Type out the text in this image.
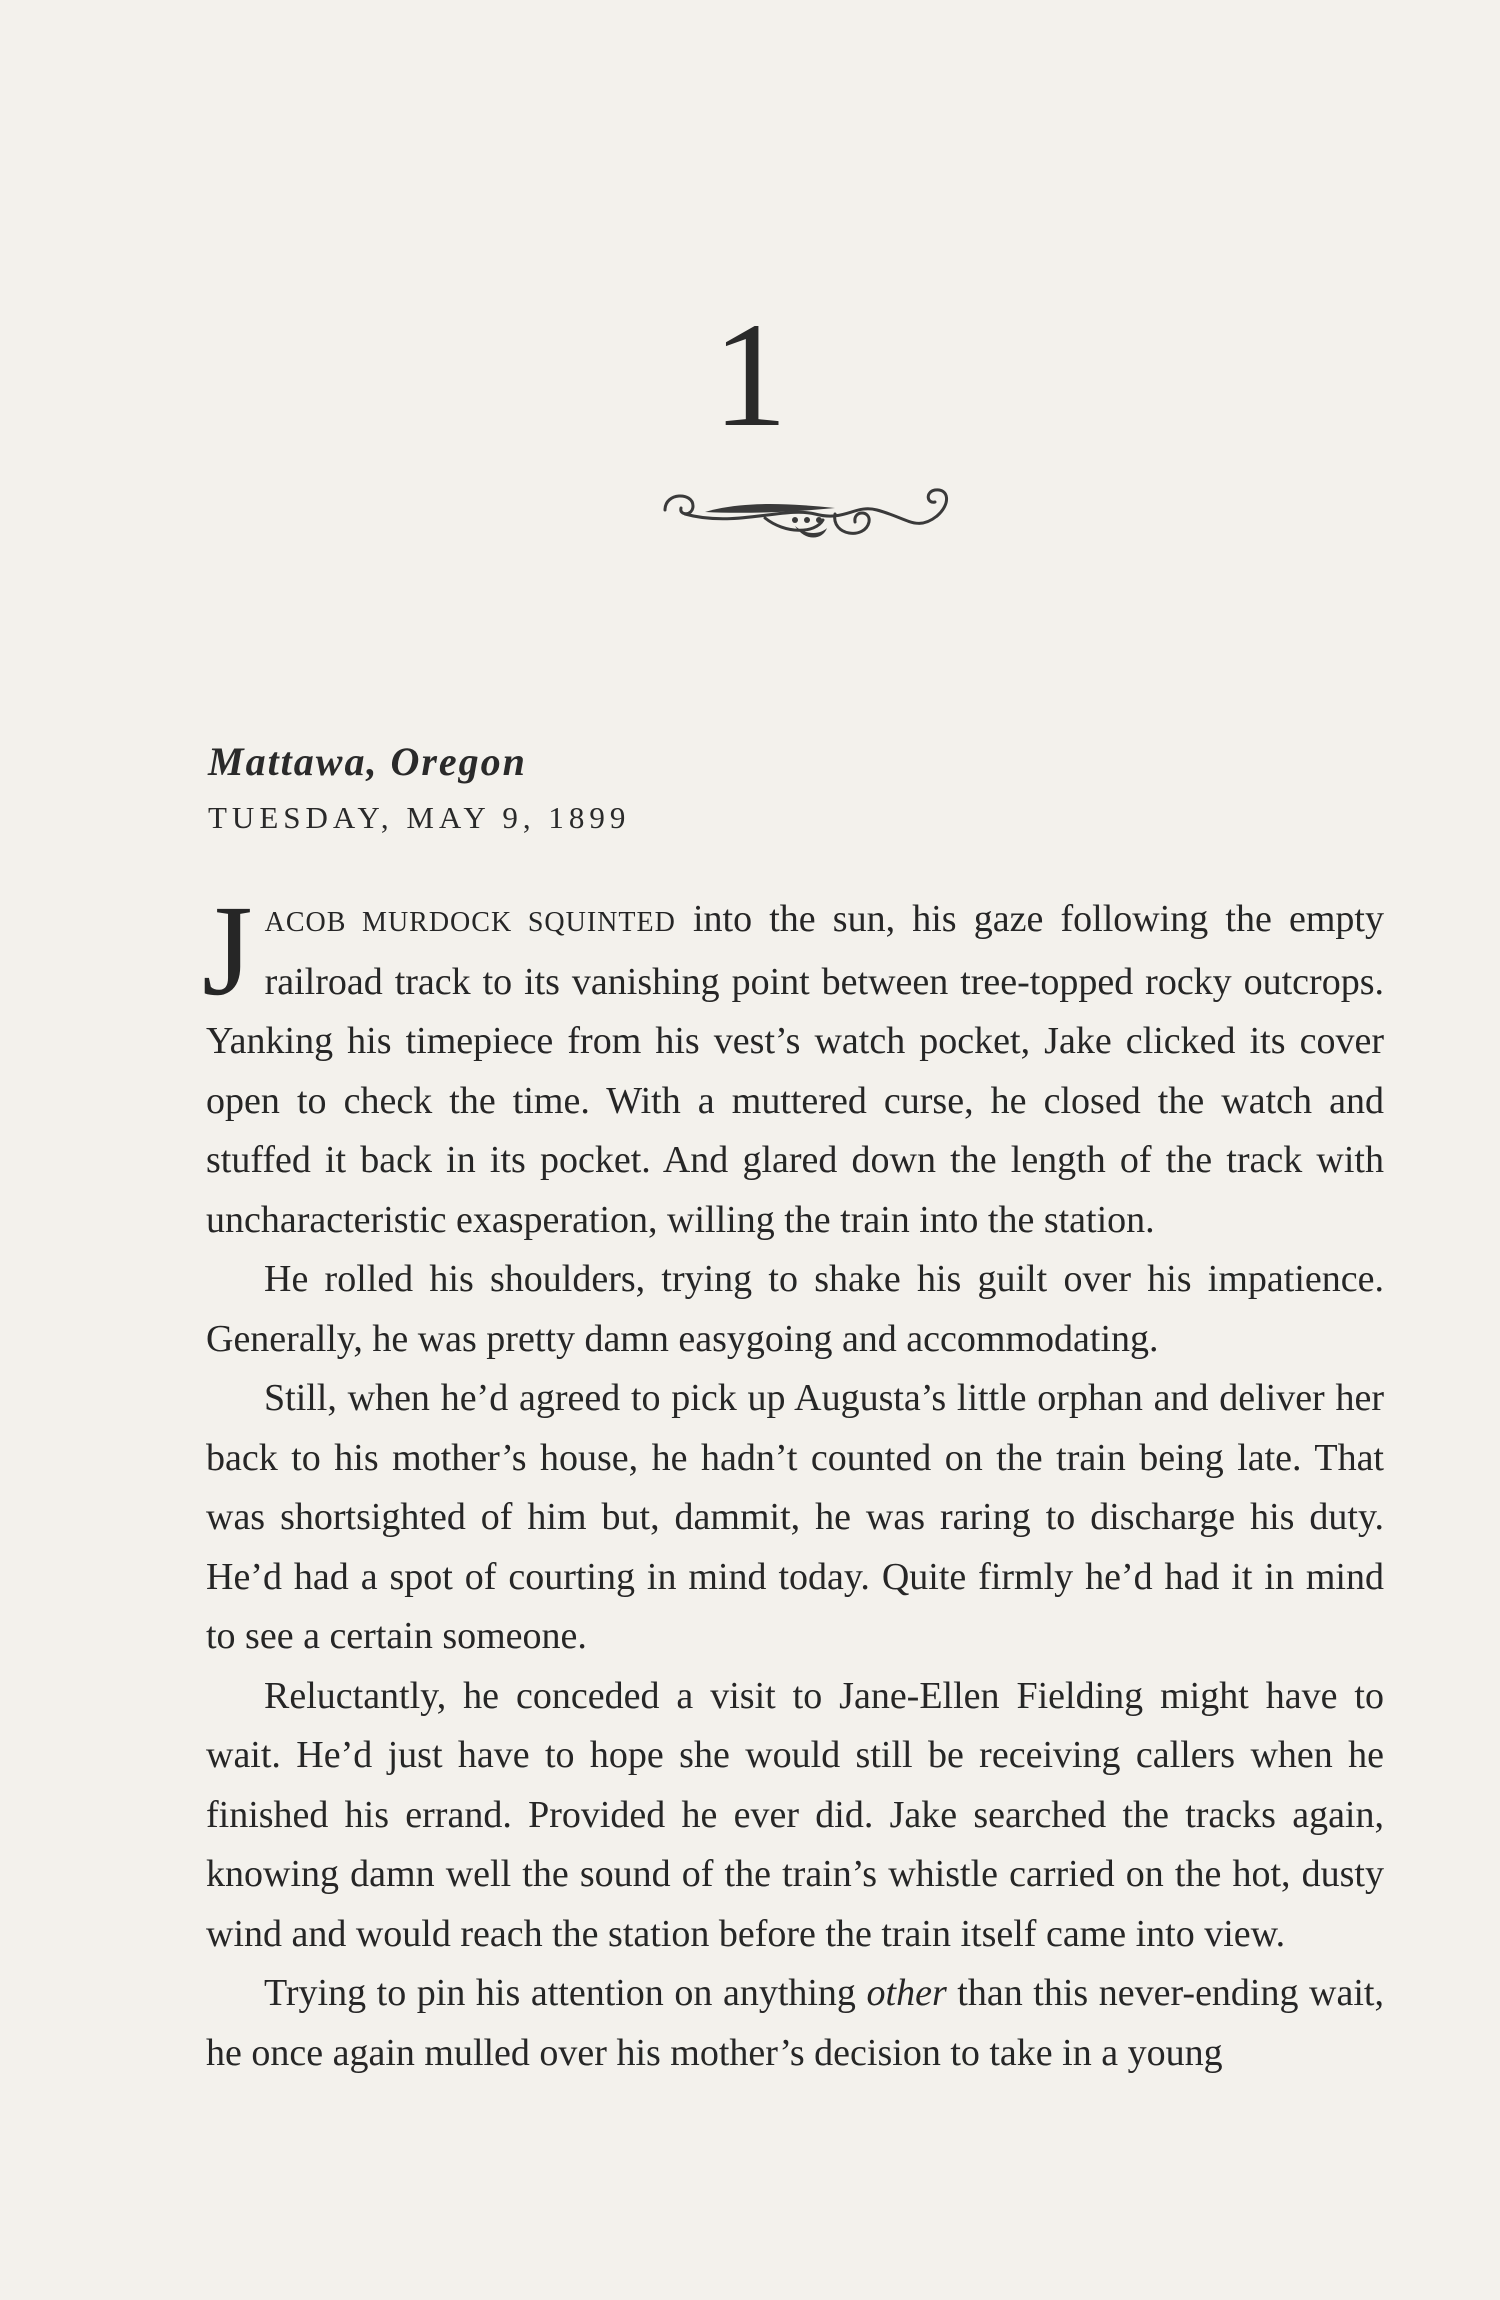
1
Mattawa, Oregon
TUESDAY, MAY 9, 1899

JACOB MURDOCK SQUINTED into the sun, his gaze following the empty railroad track to its vanishing point between tree-topped rocky outcrops. Yanking his timepiece from his vest’s watch pocket, Jake clicked its cover open to check the time. With a muttered curse, he closed the watch and stuffed it back in its pocket. And glared down the length of the track with uncharacteristic exasperation, willing the train into the station.

He rolled his shoulders, trying to shake his guilt over his impatience. Generally, he was pretty damn easygoing and accommodating.

Still, when he’d agreed to pick up Augusta’s little orphan and deliver her back to his mother’s house, he hadn’t counted on the train being late. That was shortsighted of him but, dammit, he was raring to discharge his duty. He’d had a spot of courting in mind today. Quite firmly he’d had it in mind to see a certain someone.

Reluctantly, he conceded a visit to Jane-Ellen Fielding might have to wait. He’d just have to hope she would still be receiving callers when he finished his errand. Provided he ever did. Jake searched the tracks again, knowing damn well the sound of the train’s whistle carried on the hot, dusty wind and would reach the station before the train itself came into view.

Trying to pin his attention on anything other than this never-ending wait, he once again mulled over his mother’s decision to take in a young
